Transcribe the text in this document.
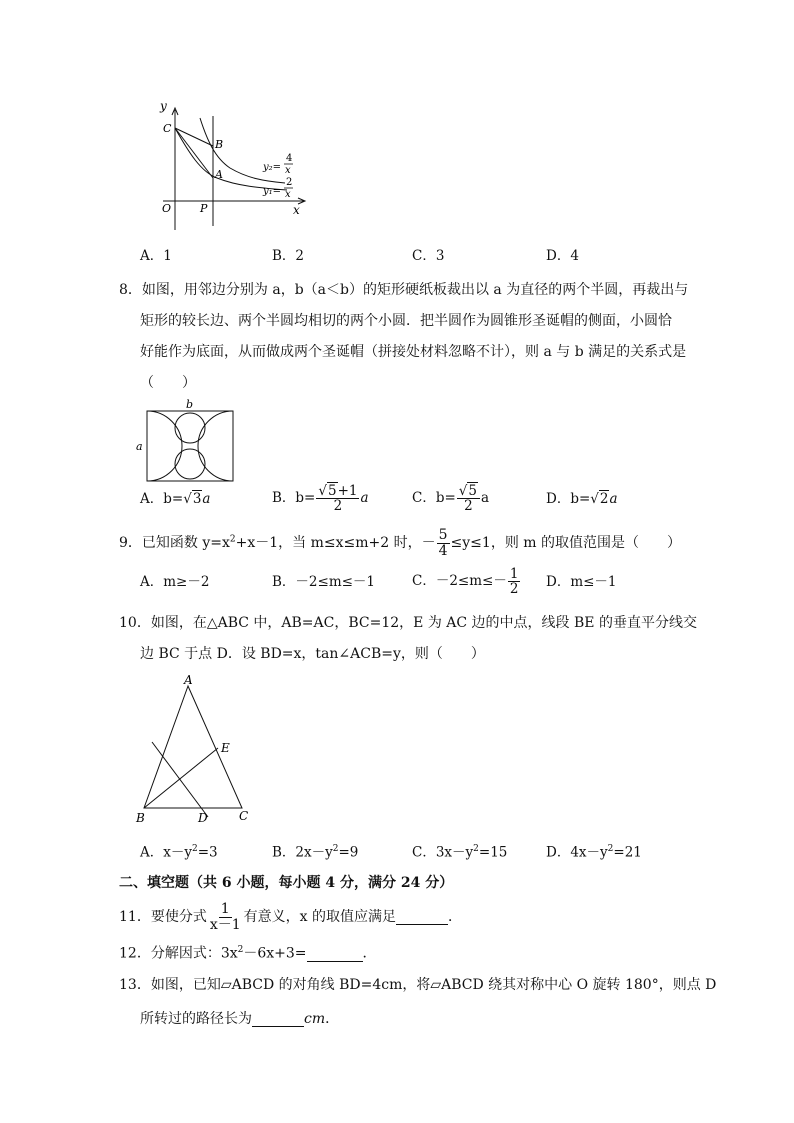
y
x
O	P
C
B
A
y₂=
4
x
y₁=
2
x
A．1	B．2	C．3	D．4
8．如图，用邻边分别为 a，b（a＜b）的矩形硬纸板裁出以 a 为直径的两个半圆，再裁出与
矩形的较长边、两个半圆均相切的两个小圆．把半圆作为圆锥形圣诞帽的侧面，小圆恰
好能作为底面，从而做成两个圣诞帽（拼接处材料忽略不计），则 a 与 b 满足的关系式是
（　　）
b
a
A．b=√3a	B．$b= \frac{√5+1}{2}$ a	C．$b= \frac{√5}{2}$ a	D．b=√2a
9．已知函数 $y=x^2+x-1$，当 m≤x≤m+2 时，－ $\frac{5}{4} \le y\le 1$，则 m 的取值范围是（　　）
A．m≥－2	B．－2≤m≤－1	C．$-2\le m\le- \frac{1}{2}$ D．m≤－1
10．如图，在△ABC 中，AB=AC，BC=12，E 为 AC 边的中点，线段 BE 的垂直平分线交
边 BC 于点 D．设 BD=x，tan∠ACB=y，则（　　）
A
E
B	D	C
A．$x-y^2=3$	B．$2x-y^2=9$	C．$3x-y^2=15$	D．$4x-y^2=21$
二、填空题（共 6 小题，每小题 4 分，满分 24 分）
11．要使分式 $\frac{1}{x-1}$ 有意义，x 的取值应满足	．
12．分解因式：$3x^2-6x+3=$	．
13．如图，已知▱ABCD 的对角线 BD=4cm，将▱ABCD 绕其对称中心 O 旋转 180°，则点 D
所转过的路径长为	cm．
